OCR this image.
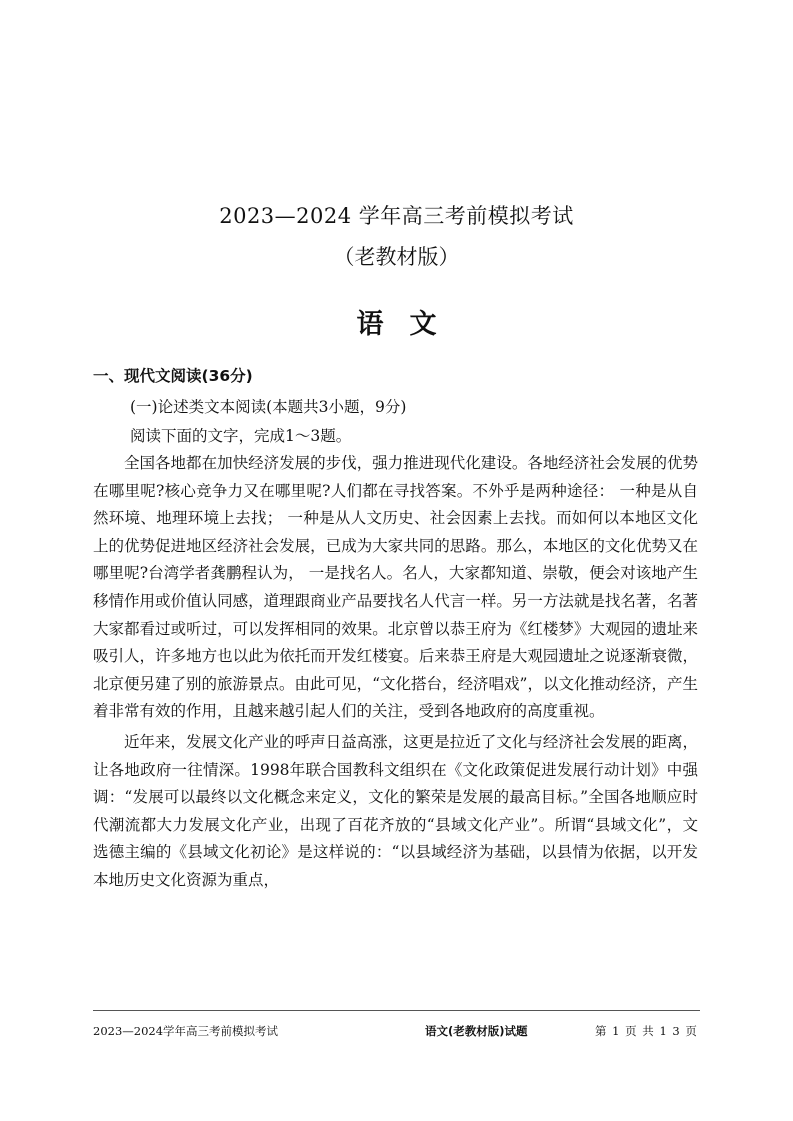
2023—2024 学年高三考前模拟考试
（老教材版）
语文
一、现代文阅读(36分)
(一)论述类文本阅读(本题共3小题，9分)
阅读下面的文字，完成1～3题。

全国各地都在加快经济发展的步伐，强力推进现代化建设。各地经济社会发展的优势在哪里呢?核心竞争力又在哪里呢?人们都在寻找答案。不外乎是两种途径： 一种是从自然环境、地理环境上去找； 一种是从人文历史、社会因素上去找。而如何以本地区文化上的优势促进地区经济社会发展，已成为大家共同的思路。那么，本地区的文化优势又在哪里呢?台湾学者龚鹏程认为， 一是找名人。名人，大家都知道、崇敬，便会对该地产生移情作用或价值认同感，道理跟商业产品要找名人代言一样。另一方法就是找名著，名著大家都看过或听过，可以发挥相同的效果。北京曾以恭王府为《红楼梦》大观园的遗址来吸引人，许多地方也以此为依托而开发红楼宴。后来恭王府是大观园遗址之说逐渐衰微，北京便另建了别的旅游景点。由此可见，“文化搭台，经济唱戏”，以文化推动经济，产生着非常有效的作用，且越来越引起人们的关注，受到各地政府的高度重视。

近年来，发展文化产业的呼声日益高涨，这更是拉近了文化与经济社会发展的距离，让各地政府一往情深。1998年联合国教科文组织在《文化政策促进发展行动计划》中强调：“发展可以最终以文化概念来定义，文化的繁荣是发展的最高目标。”全国各地顺应时代潮流都大力发展文化产业，出现了百花齐放的“县域文化产业”。所谓“县域文化”，文选德主编的《县域文化初论》是这样说的：“以县域经济为基础，以县情为依据，以开发本地历史文化资源为重点，

2023—2024学年高三考前模拟考试	语文(老教材版)试题	第 1 页 共 1 3 页
